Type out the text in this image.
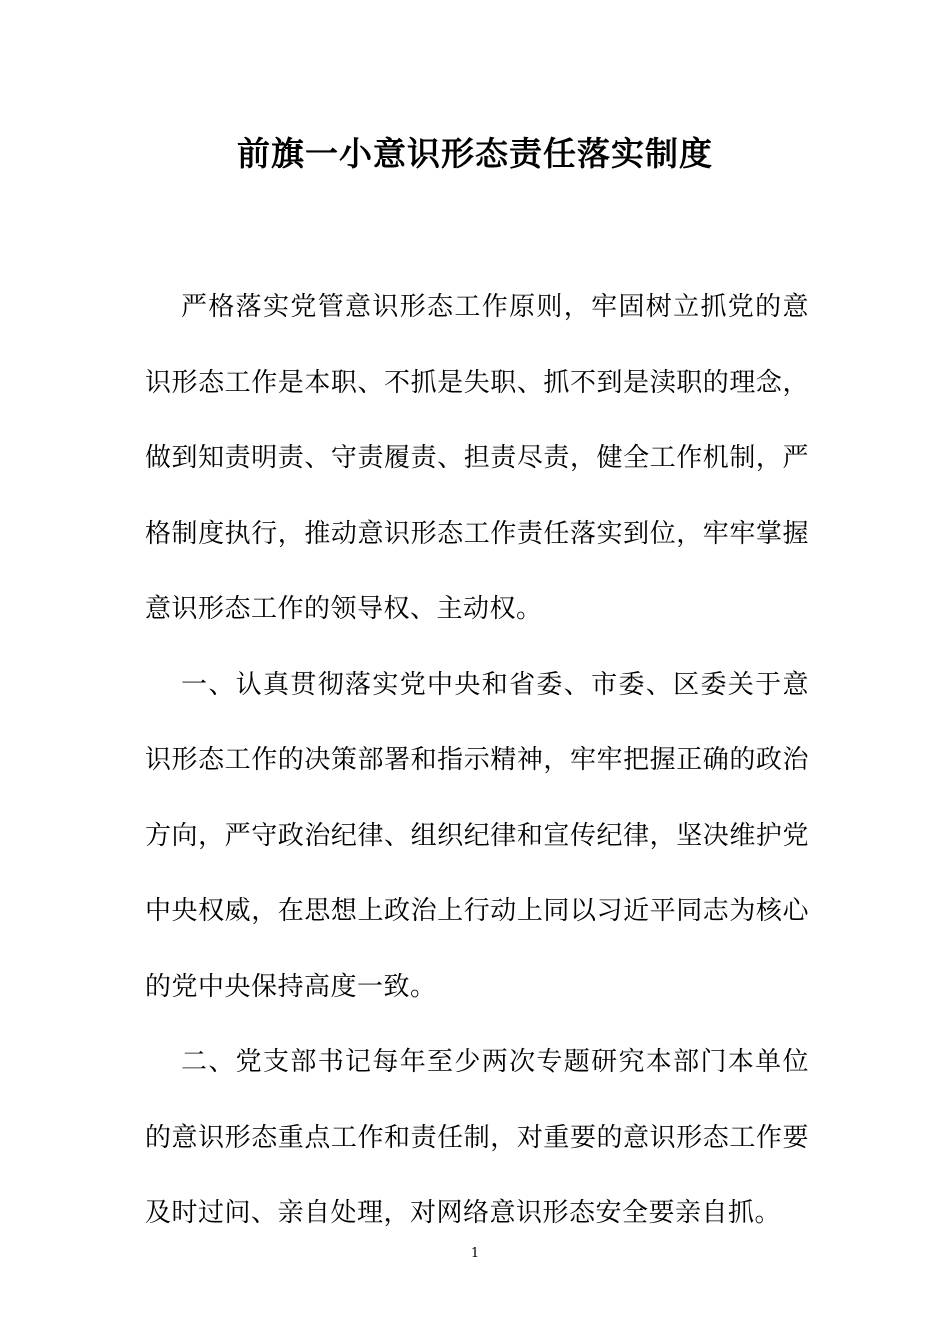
前旗一小意识形态责任落实制度

严格落实党管意识形态工作原则，牢固树立抓党的意识形态工作是本职、不抓是失职、抓不到是渎职的理念，做到知责明责、守责履责、担责尽责，健全工作机制，严格制度执行，推动意识形态工作责任落实到位，牢牢掌握意识形态工作的领导权、主动权。

一、认真贯彻落实党中央和省委、市委、区委关于意识形态工作的决策部署和指示精神，牢牢把握正确的政治方向，严守政治纪律、组织纪律和宣传纪律，坚决维护党中央权威，在思想上政治上行动上同以习近平同志为核心的党中央保持高度一致。

二、党支部书记每年至少两次专题研究本部门本单位的意识形态重点工作和责任制，对重要的意识形态工作要及时过问、亲自处理，对网络意识形态安全要亲自抓。

1
